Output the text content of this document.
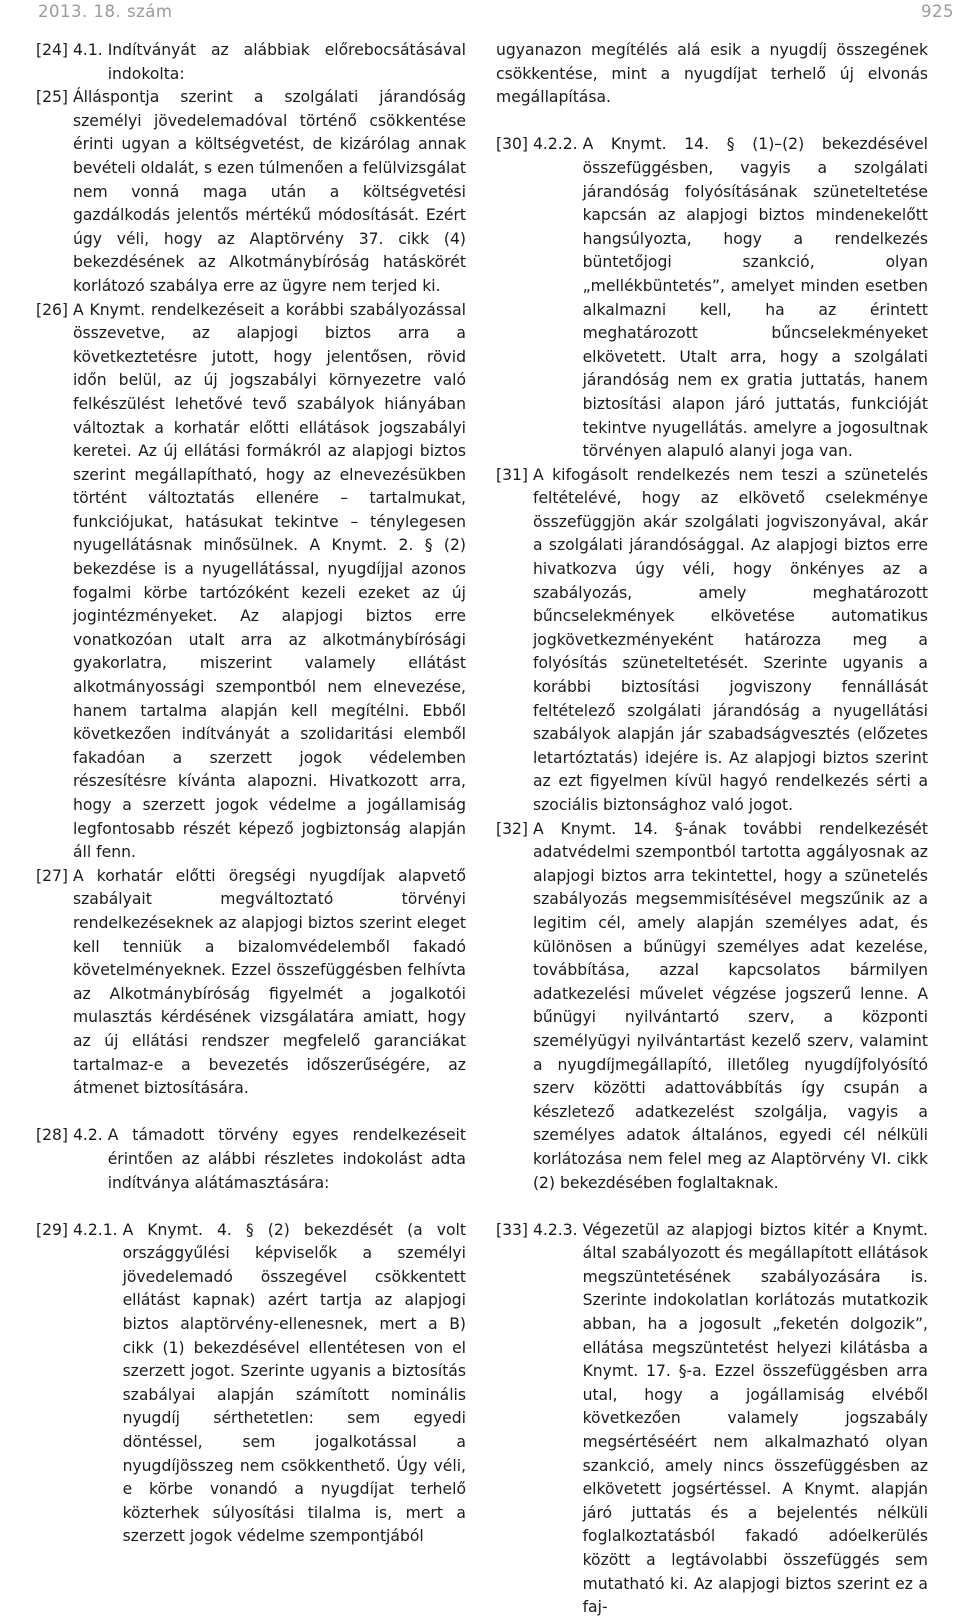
2013. 18. szám	925
[24] 4.1. Indítványát az alábbiak előrebocsátásával indokolta:
[25] Álláspontja szerint a szolgálati járandóság személyi jövedelemadóval történő csökkentése érinti ugyan a költségvetést, de kizárólag annak bevételi oldalát, s ezen túlmenően a felülvizsgálat nem vonná maga után a költségvetési gazdálkodás jelentős mértékű módosítását. Ezért úgy véli, hogy az Alaptörvény 37. cikk (4) bekezdésének az Alkotmánybíróság hatáskörét korlátozó szabálya erre az ügyre nem terjed ki.
[26] A Knymt. rendelkezéseit a korábbi szabályozással összevetve, az alapjogi biztos arra a következtetésre jutott, hogy jelentősen, rövid időn belül, az új jogszabályi környezetre való felkészülést lehetővé tevő szabályok hiányában változtak a korhatár előtti ellátások jogszabályi keretei. Az új ellátási formákról az alapjogi biztos szerint megállapítható, hogy az elnevezésükben történt változtatás ellenére – tartalmukat, funkciójukat, hatásukat tekintve – ténylegesen nyugellátásnak minősülnek. A Knymt. 2. § (2) bekezdése is a nyugellátással, nyugdíjjal azonos fogalmi körbe tartózóként kezeli ezeket az új jogintézményeket. Az alapjogi biztos erre vonatkozóan utalt arra az alkotmánybírósági gyakorlatra, miszerint valamely ellátást alkotmányossági szempontból nem elnevezése, hanem tartalma alapján kell megítélni. Ebből következően indítványát a szolidaritási elemből fakadóan a szerzett jogok védelemben részesítésre kívánta alapozni. Hivatkozott arra, hogy a szerzett jogok védelme a jogállamiság legfontosabb részét képező jogbiztonság alapján áll fenn.
[27] A korhatár előtti öregségi nyugdíjak alapvető szabályait megváltoztató törvényi rendelkezéseknek az alapjogi biztos szerint eleget kell tenniük a bizalomvédelemből fakadó követelményeknek. Ezzel összefüggésben felhívta az Alkotmánybíróság figyelmét a jogalkotói mulasztás kérdésének vizsgálatára amiatt, hogy az új ellátási rendszer megfelelő garanciákat tartalmaz-e a bevezetés időszerűségére, az átmenet biztosítására.
[28] 4.2. A támadott törvény egyes rendelkezéseit érintően az alábbi részletes indokolást adta indítványa alátámasztására:
[29] 4.2.1. A Knymt. 4. § (2) bekezdését (a volt országgyűlési képviselők a személyi jövedelemadó összegével csökkentett ellátást kapnak) azért tartja az alapjogi biztos alaptörvény-ellenesnek, mert a B) cikk (1) bekezdésével ellentétesen von el szerzett jogot. Szerinte ugyanis a biztosítás szabályai alapján számított nominális nyugdíj sérthetetlen: sem egyedi döntéssel, sem jogalkotással a nyugdíjösszeg nem csökkenthető. Úgy véli, e körbe vonandó a nyugdíjat terhelő közterhek súlyosítási tilalma is, mert a szerzett jogok védelme szempontjából
ugyanazon megítélés alá esik a nyugdíj összegének csökkentése, mint a nyugdíjat terhelő új elvonás megállapítása.
[30] 4.2.2. A Knymt. 14. § (1)–(2) bekezdésével összefüggésben, vagyis a szolgálati járandóság folyósításának szüneteltetése kapcsán az alapjogi biztos mindenekelőtt hangsúlyozta, hogy a rendelkezés büntetőjogi szankció, olyan „mellékbüntetés”, amelyet minden esetben alkalmazni kell, ha az érintett meghatározott bűncselekményeket elkövetett. Utalt arra, hogy a szolgálati járandóság nem ex gratia juttatás, hanem biztosítási alapon járó juttatás, funkcióját tekintve nyugellátás. amelyre a jogosultnak törvényen alapuló alanyi joga van.
[31] A kifogásolt rendelkezés nem teszi a szünetelés feltételévé, hogy az elkövető cselekménye összefüggjön akár szolgálati jogviszonyával, akár a szolgálati járandósággal. Az alapjogi biztos erre hivatkozva úgy véli, hogy önkényes az a szabályozás, amely meghatározott bűncselekmények elkövetése automatikus jogkövetkezményeként határozza meg a folyósítás szüneteltetését. Szerinte ugyanis a korábbi biztosítási jogviszony fennállását feltételező szolgálati járandóság a nyugellátási szabályok alapján jár szabadságvesztés (előzetes letartóztatás) idejére is. Az alapjogi biztos szerint az ezt figyelmen kívül hagyó rendelkezés sérti a szociális biztonsághoz való jogot.
[32] A Knymt. 14. §-ának további rendelkezését adatvédelmi szempontból tartotta aggályosnak az alapjogi biztos arra tekintettel, hogy a szünetelés szabályozás megsemmisítésével megszűnik az a legitim cél, amely alapján személyes adat, és különösen a bűnügyi személyes adat kezelése, továbbítása, azzal kapcsolatos bármilyen adatkezelési művelet végzése jogszerű lenne. A bűnügyi nyilvántartó szerv, a központi személyügyi nyilvántartást kezelő szerv, valamint a nyugdíjmegállapító, illetőleg nyugdíjfolyósító szerv közötti adattovábbítás így csupán a készletező adatkezelést szolgálja, vagyis a személyes adatok általános, egyedi cél nélküli korlátozása nem felel meg az Alaptörvény VI. cikk (2) bekezdésében foglaltaknak.
[33] 4.2.3. Végezetül az alapjogi biztos kitér a Knymt. által szabályozott és megállapított ellátások megszüntetésének szabályozására is. Szerinte indokolatlan korlátozás mutatkozik abban, ha a jogosult „feketén dolgozik”, ellátása megszüntetést helyezi kilátásba a Knymt. 17. §-a. Ezzel összefüggésben arra utal, hogy a jogállamiság elvéből következően valamely jogszabály megsértéséért nem alkalmazható olyan szankció, amely nincs összefüggésben az elkövetett jogsértéssel. A Knymt. alapján járó juttatás és a bejelentés nélküli foglalkoztatásból fakadó adóelkerülés között a legtávolabbi összefüggés sem mutatható ki. Az alapjogi biztos szerint ez a faj-
